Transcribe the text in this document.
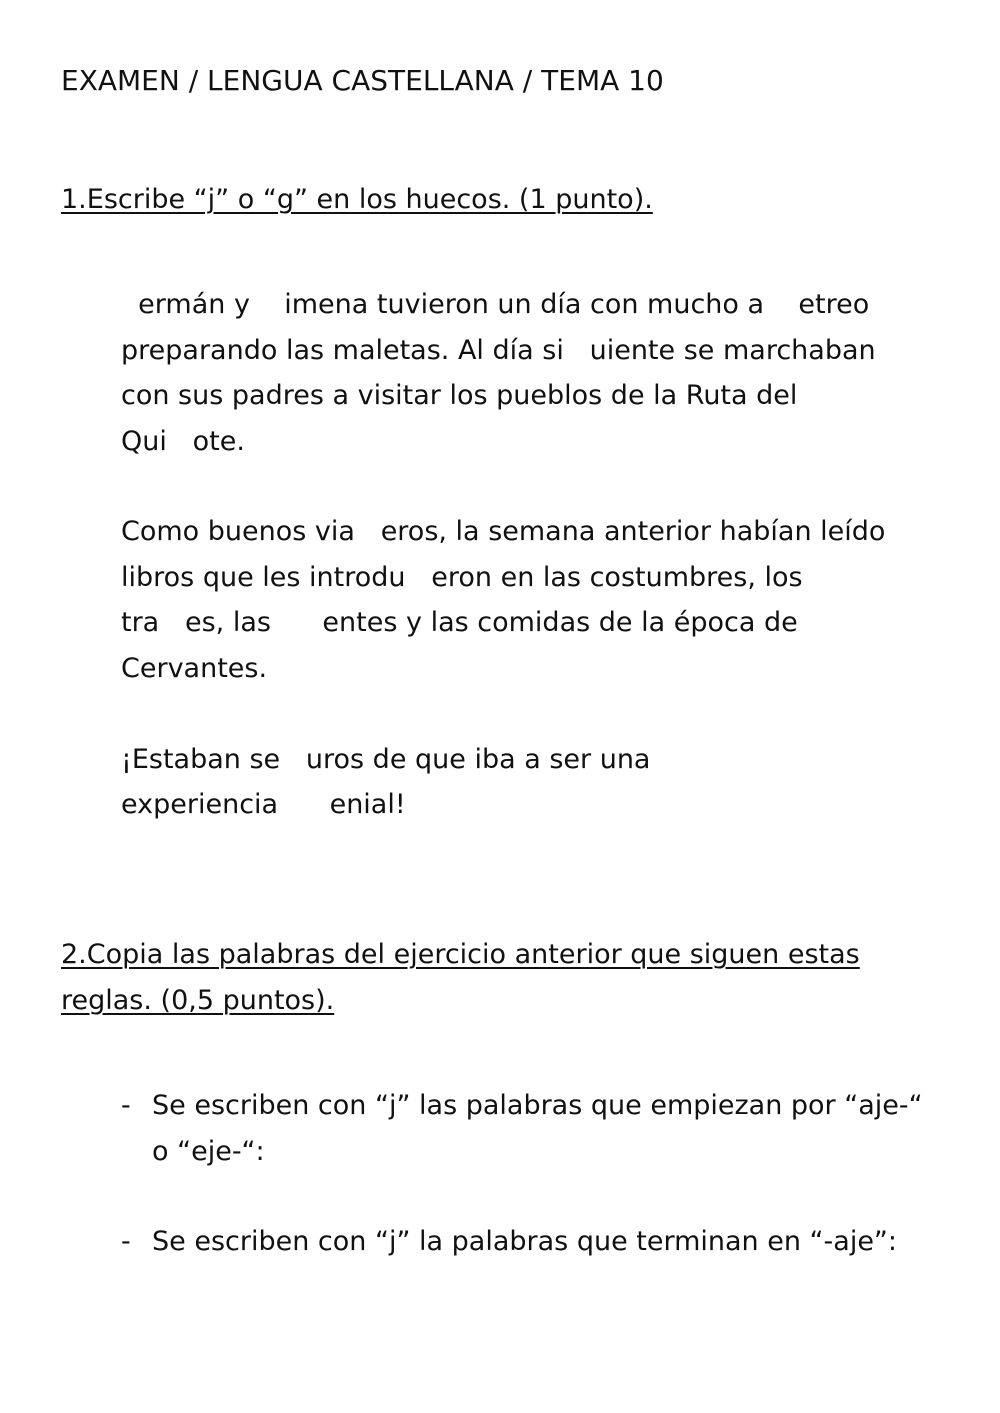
EXAMEN / LENGUA CASTELLANA / TEMA 10
1.Escribe “j” o “g” en los huecos. (1 punto).
ermán y    imena tuvieron un día con mucho a    etreo
preparando las maletas. Al día si   uiente se marchaban
con sus padres a visitar los pueblos de la Ruta del
Qui   ote.
Como buenos via   eros, la semana anterior habían leído
libros que les introdu   eron en las costumbres, los
tra   es, las      entes y las comidas de la época de
Cervantes.
¡Estaban se   uros de que iba a ser una
experiencia      enial!
2.Copia las palabras del ejercicio anterior que siguen estas
reglas. (0,5 puntos).
- Se escriben con “j” las palabras que empiezan por “aje-“
o “eje-“:
- Se escriben con “j” la palabras que terminan en “-aje”:
